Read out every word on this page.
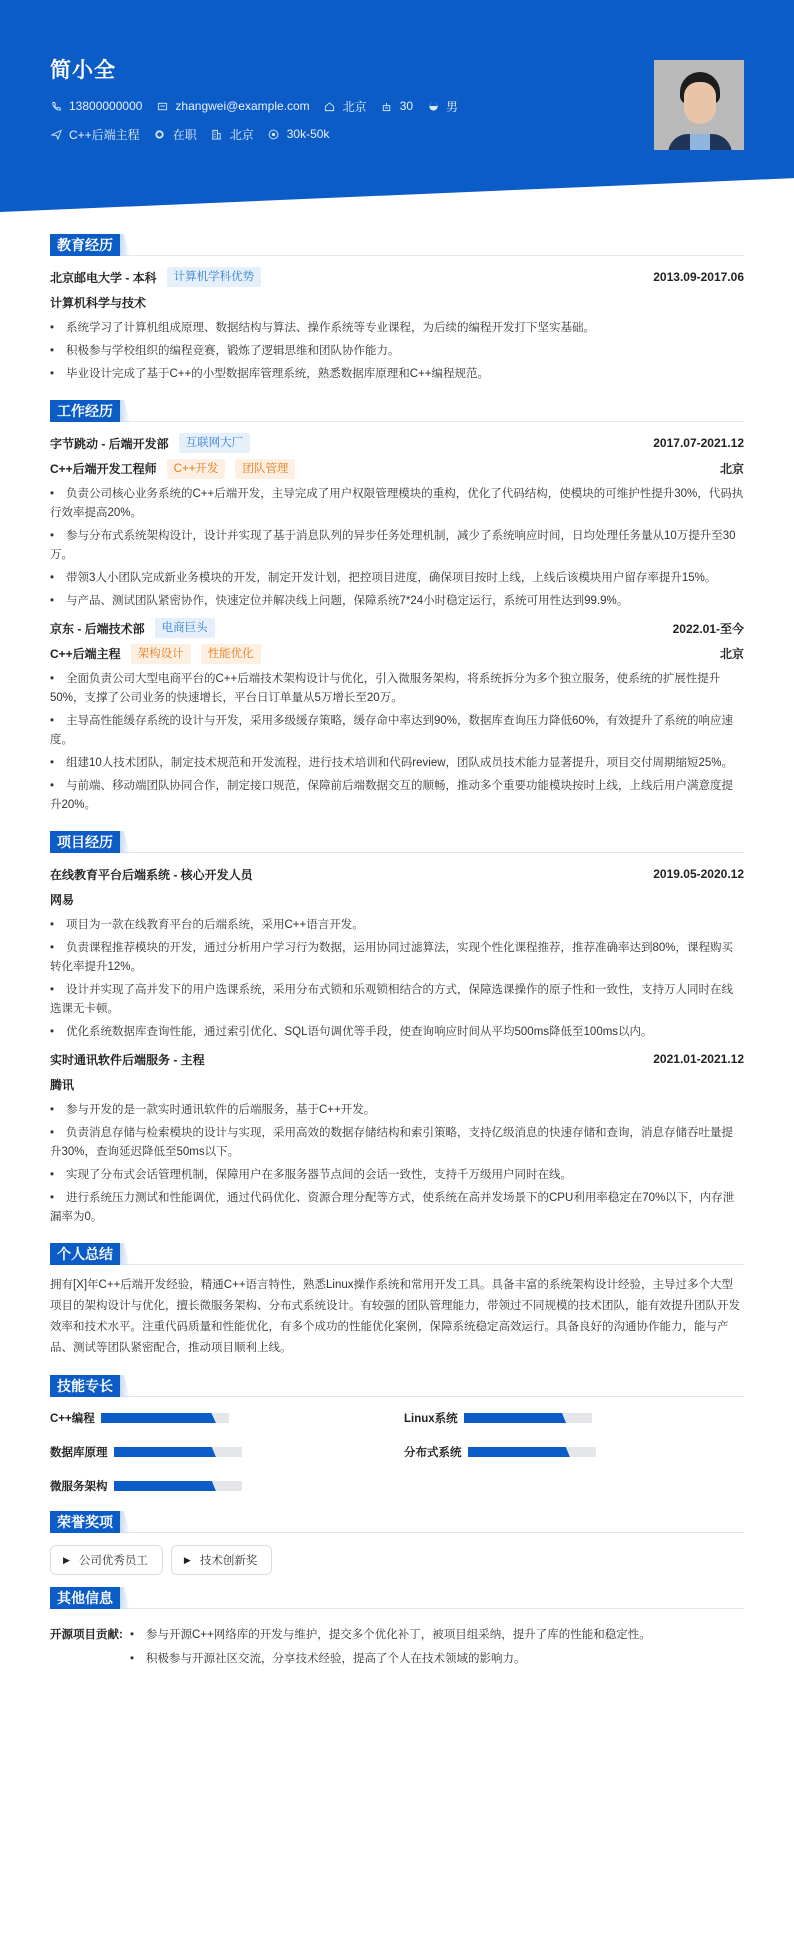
简小全
13800000000	zhangwei@example.com	北京	30	男
C++后端主程	在职	北京	30k-50k
教育经历
北京邮电大学 - 本科	计算机学科优势	2013.09-2017.06
计算机科学与技术
• 系统学习了计算机组成原理、数据结构与算法、操作系统等专业课程，为后续的编程开发打下坚实基础。
• 积极参与学校组织的编程竞赛，锻炼了逻辑思维和团队协作能力。
• 毕业设计完成了基于C++的小型数据库管理系统，熟悉数据库原理和C++编程规范。
工作经历
字节跳动 - 后端开发部	互联网大厂	2017.07-2021.12
C++后端开发工程师	C++开发	团队管理	北京
• 负责公司核心业务系统的C++后端开发，主导完成了用户权限管理模块的重构，优化了代码结构，使模块的可维护性提升30%，代码执行效率提高20%。
• 参与分布式系统架构设计，设计并实现了基于消息队列的异步任务处理机制，减少了系统响应时间，日均处理任务量从10万提升至30万。
• 带领3人小团队完成新业务模块的开发，制定开发计划，把控项目进度，确保项目按时上线，上线后该模块用户留存率提升15%。
• 与产品、测试团队紧密协作，快速定位并解决线上问题，保障系统7*24小时稳定运行，系统可用性达到99.9%。
京东 - 后端技术部	电商巨头	2022.01-至今
C++后端主程	架构设计	性能优化	北京
• 全面负责公司大型电商平台的C++后端技术架构设计与优化，引入微服务架构，将系统拆分为多个独立服务，使系统的扩展性提升50%，支撑了公司业务的快速增长，平台日订单量从5万增长至20万。
• 主导高性能缓存系统的设计与开发，采用多级缓存策略，缓存命中率达到90%，数据库查询压力降低60%，有效提升了系统的响应速度。
• 组建10人技术团队，制定技术规范和开发流程，进行技术培训和代码review，团队成员技术能力显著提升，项目交付周期缩短25%。
• 与前端、移动端团队协同合作，制定接口规范，保障前后端数据交互的顺畅，推动多个重要功能模块按时上线，上线后用户满意度提升20%。
项目经历
在线教育平台后端系统 - 核心开发人员	2019.05-2020.12
网易
• 项目为一款在线教育平台的后端系统，采用C++语言开发。
• 负责课程推荐模块的开发，通过分析用户学习行为数据，运用协同过滤算法，实现个性化课程推荐，推荐准确率达到80%，课程购买转化率提升12%。
• 设计并实现了高并发下的用户选课系统，采用分布式锁和乐观锁相结合的方式，保障选课操作的原子性和一致性，支持万人同时在线选课无卡顿。
• 优化系统数据库查询性能，通过索引优化、SQL语句调优等手段，使查询响应时间从平均500ms降低至100ms以内。
实时通讯软件后端服务 - 主程	2021.01-2021.12
腾讯
• 参与开发的是一款实时通讯软件的后端服务，基于C++开发。
• 负责消息存储与检索模块的设计与实现，采用高效的数据存储结构和索引策略，支持亿级消息的快速存储和查询，消息存储吞吐量提升30%，查询延迟降低至50ms以下。
• 实现了分布式会话管理机制，保障用户在多服务器节点间的会话一致性，支持千万级用户同时在线。
• 进行系统压力测试和性能调优，通过代码优化、资源合理分配等方式，使系统在高并发场景下的CPU利用率稳定在70%以下，内存泄漏率为0。
个人总结

拥有[X]年C++后端开发经验，精通C++语言特性，熟悉Linux操作系统和常用开发工具。具备丰富的系统架构设计经验，主导过多个大型项目的架构设计与优化，擅长微服务架构、分布式系统设计。有较强的团队管理能力，带领过不同规模的技术团队，能有效提升团队开发效率和技术水平。注重代码质量和性能优化，有多个成功的性能优化案例，保障系统稳定高效运行。具备良好的沟通协作能力，能与产品、测试等团队紧密配合，推动项目顺利上线。

技能专长
C++编程	Linux系统
数据库原理	分布式系统
微服务架构
荣誉奖项
▶ 公司优秀员工	▶ 技术创新奖
其他信息
开源项目贡献:	• 参与开源C++网络库的开发与维护，提交多个优化补丁，被项目组采纳，提升了库的性能和稳定性。
• 积极参与开源社区交流，分享技术经验，提高了个人在技术领域的影响力。
